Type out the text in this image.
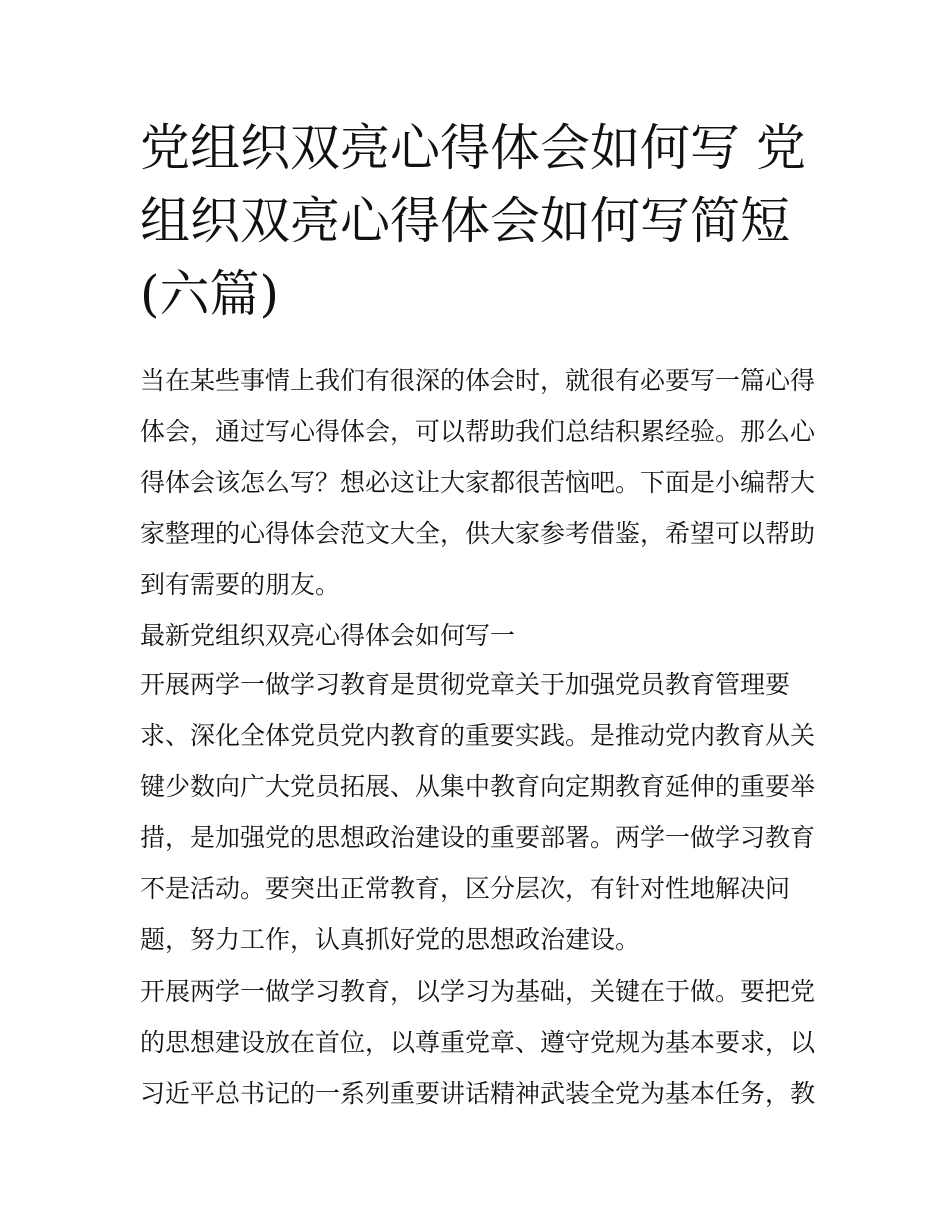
党组织双亮心得体会如何写 党组织双亮心得体会如何写简短(六篇)

当在某些事情上我们有很深的体会时，就很有必要写一篇心得体会，通过写心得体会，可以帮助我们总结积累经验。那么心得体会该怎么写？想必这让大家都很苦恼吧。下面是小编帮大家整理的心得体会范文大全，供大家参考借鉴，希望可以帮助到有需要的朋友。

最新党组织双亮心得体会如何写一

开展两学一做学习教育是贯彻党章关于加强党员教育管理要求、深化全体党员党内教育的重要实践。是推动党内教育从关键少数向广大党员拓展、从集中教育向定期教育延伸的重要举措，是加强党的思想政治建设的重要部署。两学一做学习教育不是活动。要突出正常教育，区分层次，有针对性地解决问题，努力工作，认真抓好党的思想政治建设。

开展两学一做学习教育，以学习为基础，关键在于做。要把党的思想建设放在首位，以尊重党章、遵守党规为基本要求，以习近平总书记的一系列重要讲话精神武装全党为基本任务，教
